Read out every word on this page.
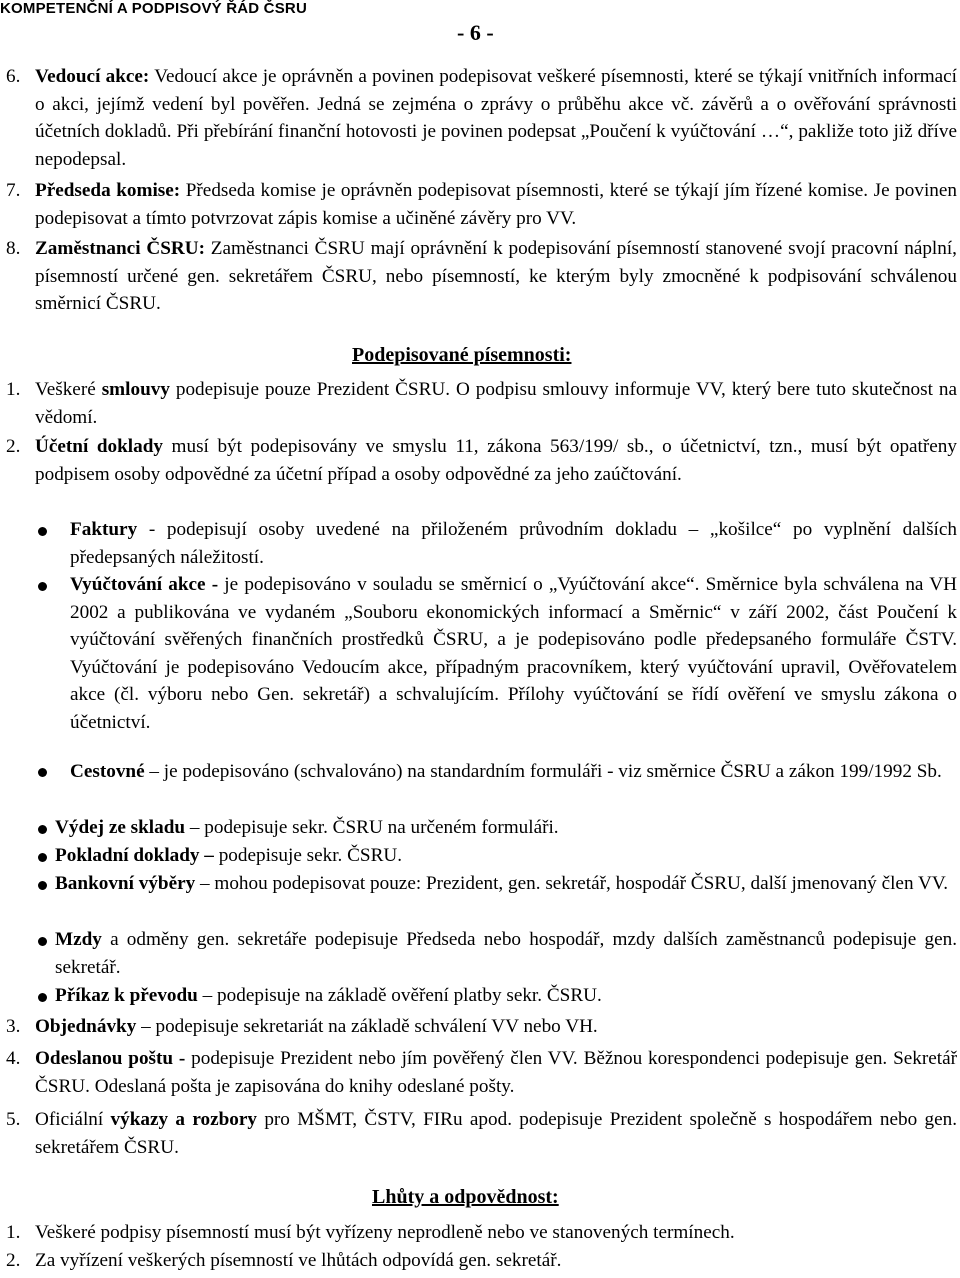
KOMPETENČNÍ A PODPISOVÝ ŘÁD ČSRU
- 6 -
6. Vedoucí akce: Vedoucí akce je oprávněn a povinen podepisovat veškeré písemnosti, které se týkají vnitřních informací o akci, jejímž vedení byl pověřen. Jedná se zejména o zprávy o průběhu akce vč. závěrů a o ověřování správnosti účetních dokladů. Při přebírání finanční hotovosti je povinen podepsat „Poučení k vyúčtování …“, pakliže toto již dříve nepodepsal.

7. Předseda komise: Předseda komise je oprávněn podepisovat písemnosti, které se týkají jím řízené komise. Je povinen podepisovat a tímto potvrzovat zápis komise a učiněné závěry pro VV.

8. Zaměstnanci ČSRU: Zaměstnanci ČSRU mají oprávnění k podepisování písemností stanovené svojí pracovní náplní, písemností určené gen. sekretářem ČSRU, nebo písemností, ke kterým byly zmocněné k podpisování schválenou směrnicí ČSRU.

Podepisované písemnosti:
1. Veškeré smlouvy podepisuje pouze Prezident ČSRU. O podpisu smlouvy informuje VV, který bere tuto skutečnost na vědomí.

2. Účetní doklady musí být podepisovány ve smyslu 11, zákona 563/199/ sb., o účetnictví, tzn., musí být opatřeny podpisem osoby odpovědné za účetní případ a osoby odpovědné za jeho zaúčtování.

Faktury - podepisují osoby uvedené na přiloženém průvodním dokladu – „košilce“ po vyplnění dalších předepsaných náležitostí.

Vyúčtování akce - je podepisováno v souladu se směrnicí o „Vyúčtování akce“. Směrnice byla schválena na VH 2002 a publikována ve vydaném „Souboru ekonomických informací a Směrnic“ v září 2002, část Poučení k vyúčtování svěřených finančních prostředků ČSRU, a je podepisováno podle předepsaného formuláře ČSTV. Vyúčtování je podepisováno Vedoucím akce, případným pracovníkem, který vyúčtování upravil, Ověřovatelem akce (čl. výboru nebo Gen. sekretář) a schvalujícím. Přílohy vyúčtování se řídí ověření ve smyslu zákona o účetnictví.

Cestovné – je podepisováno (schvalováno) na standardním formuláři - viz směrnice ČSRU a zákon 199/1992 Sb.

Výdej ze skladu – podepisuje sekr. ČSRU na určeném formuláři.

Pokladní doklady – podepisuje sekr. ČSRU.

Bankovní výběry – mohou podepisovat pouze: Prezident, gen. sekretář, hospodář ČSRU, další jmenovaný člen VV.

Mzdy a odměny gen. sekretáře podepisuje Předseda nebo hospodář, mzdy dalších zaměstnanců podepisuje gen. sekretář.

Příkaz k převodu – podepisuje na základě ověření platby sekr. ČSRU.

3. Objednávky – podepisuje sekretariát na základě schválení VV nebo VH.

4. Odeslanou poštu - podepisuje Prezident nebo jím pověřený člen VV. Běžnou korespondenci podepisuje gen. Sekretář ČSRU. Odeslaná pošta je zapisována do knihy odeslané pošty.

5. Oficiální výkazy a rozbory pro MŠMT, ČSTV, FIRu apod. podepisuje Prezident společně s hospodářem nebo gen. sekretářem ČSRU.

Lhůty a odpovědnost:
1. Veškeré podpisy písemností musí být vyřízeny neprodleně nebo ve stanovených termínech.

2. Za vyřízení veškerých písemností ve lhůtách odpovídá gen. sekretář.
